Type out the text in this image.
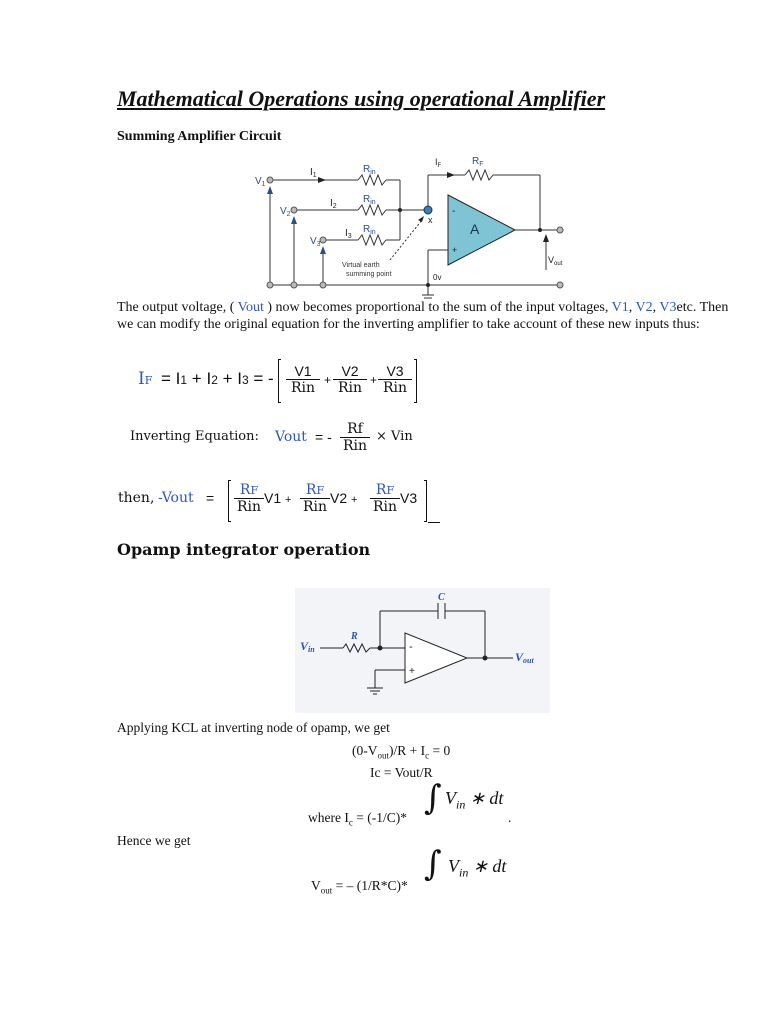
Mathematical Operations using operational Amplifier
Summing Amplifier Circuit
$V_1$
$V_2$
$V_3$
$I_1$
$I_2$
$I_3$
$R_{in}$
$R_{in}$
$R_{in}$
$I_F$	$R_F$
A
x
-
+
Virtual earth summing point	0v
$V_{out}$
The output voltage, ( Vout ) now becomes proportional to the sum of the input voltages, V1, V2, V3etc. Then we can modify the original equation for the inverting amplifier to take account of these new inputs thus:
IF = I1 + I2 + I3 = -	V1
Rin +
V2
Rin +
V3
Rin
Inverting Equation: Vout = -	Rf
Rin
× Vin
then, -Vout =	RF
Rin
V1 +
RF
Rin
V2 +
RF
Rin
V3
Opamp integrator operation
-
+
C
R
Vin
Vout
Applying KCL at inverting node of opamp, we get
$(0-V_{out})/R + I_c = 0$
Ic = Vout/R
where $I_c = (-1/C)*$ ∫ $V_{in}$ ∗ dt
.
Hence we get
$V_{out}$ = – (1/R*C)*
∫ $V_{in}$ ∗ dt
